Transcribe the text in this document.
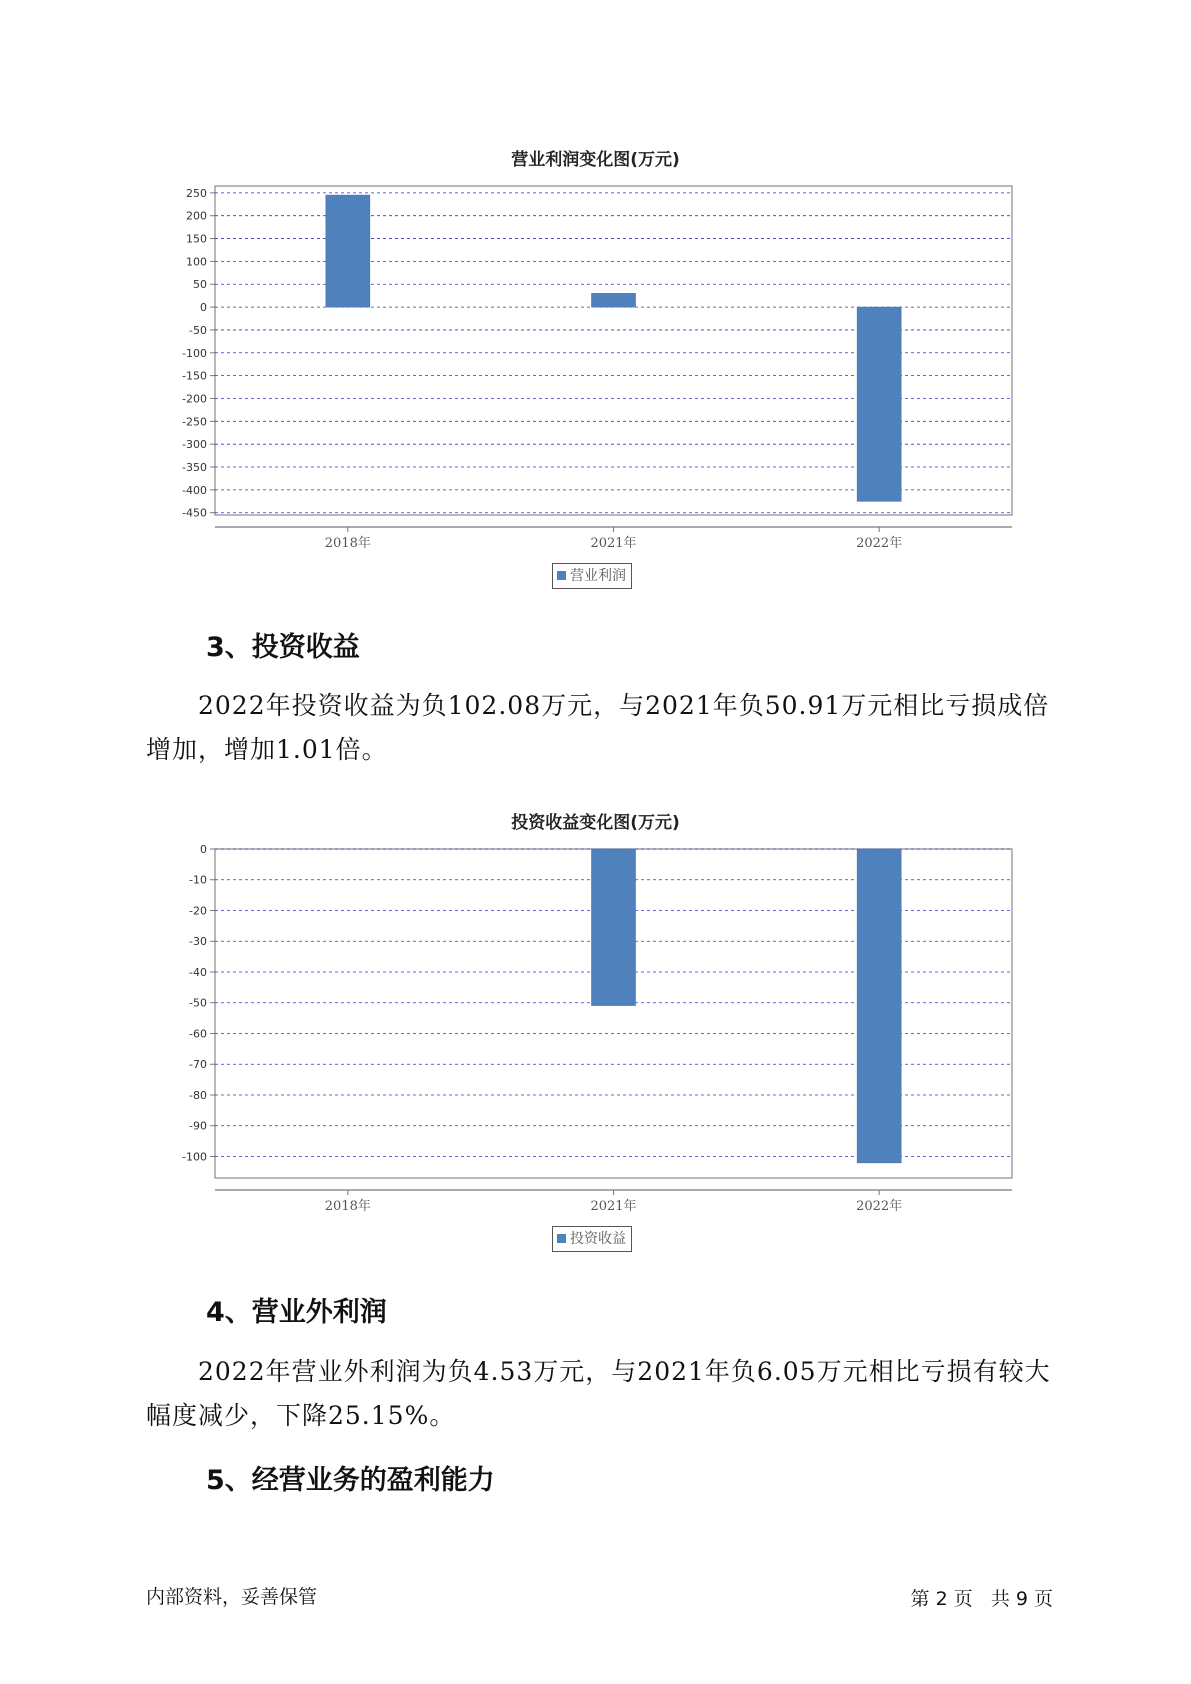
营业利润变化图(万元)
250
200
150
100
50
0
-50
-100
-150
-200
-250
-300
-350
-400
-450
2018年	2021年	2022年
营业利润
3、投资收益

2022年投资收益为负102.08万元，与2021年负50.91万元相比亏损成倍增加，增加1.01倍。

投资收益变化图(万元)
0
-10
-20
-30
-40
-50
-60
-70
-80
-90
-100
2018年	2021年	2022年
投资收益
4、营业外利润

2022年营业外利润为负4.53万元，与2021年负6.05万元相比亏损有较大幅度减少，下降25.15%。

5、经营业务的盈利能力
内部资料，妥善保管	第 2 页   共 9 页
